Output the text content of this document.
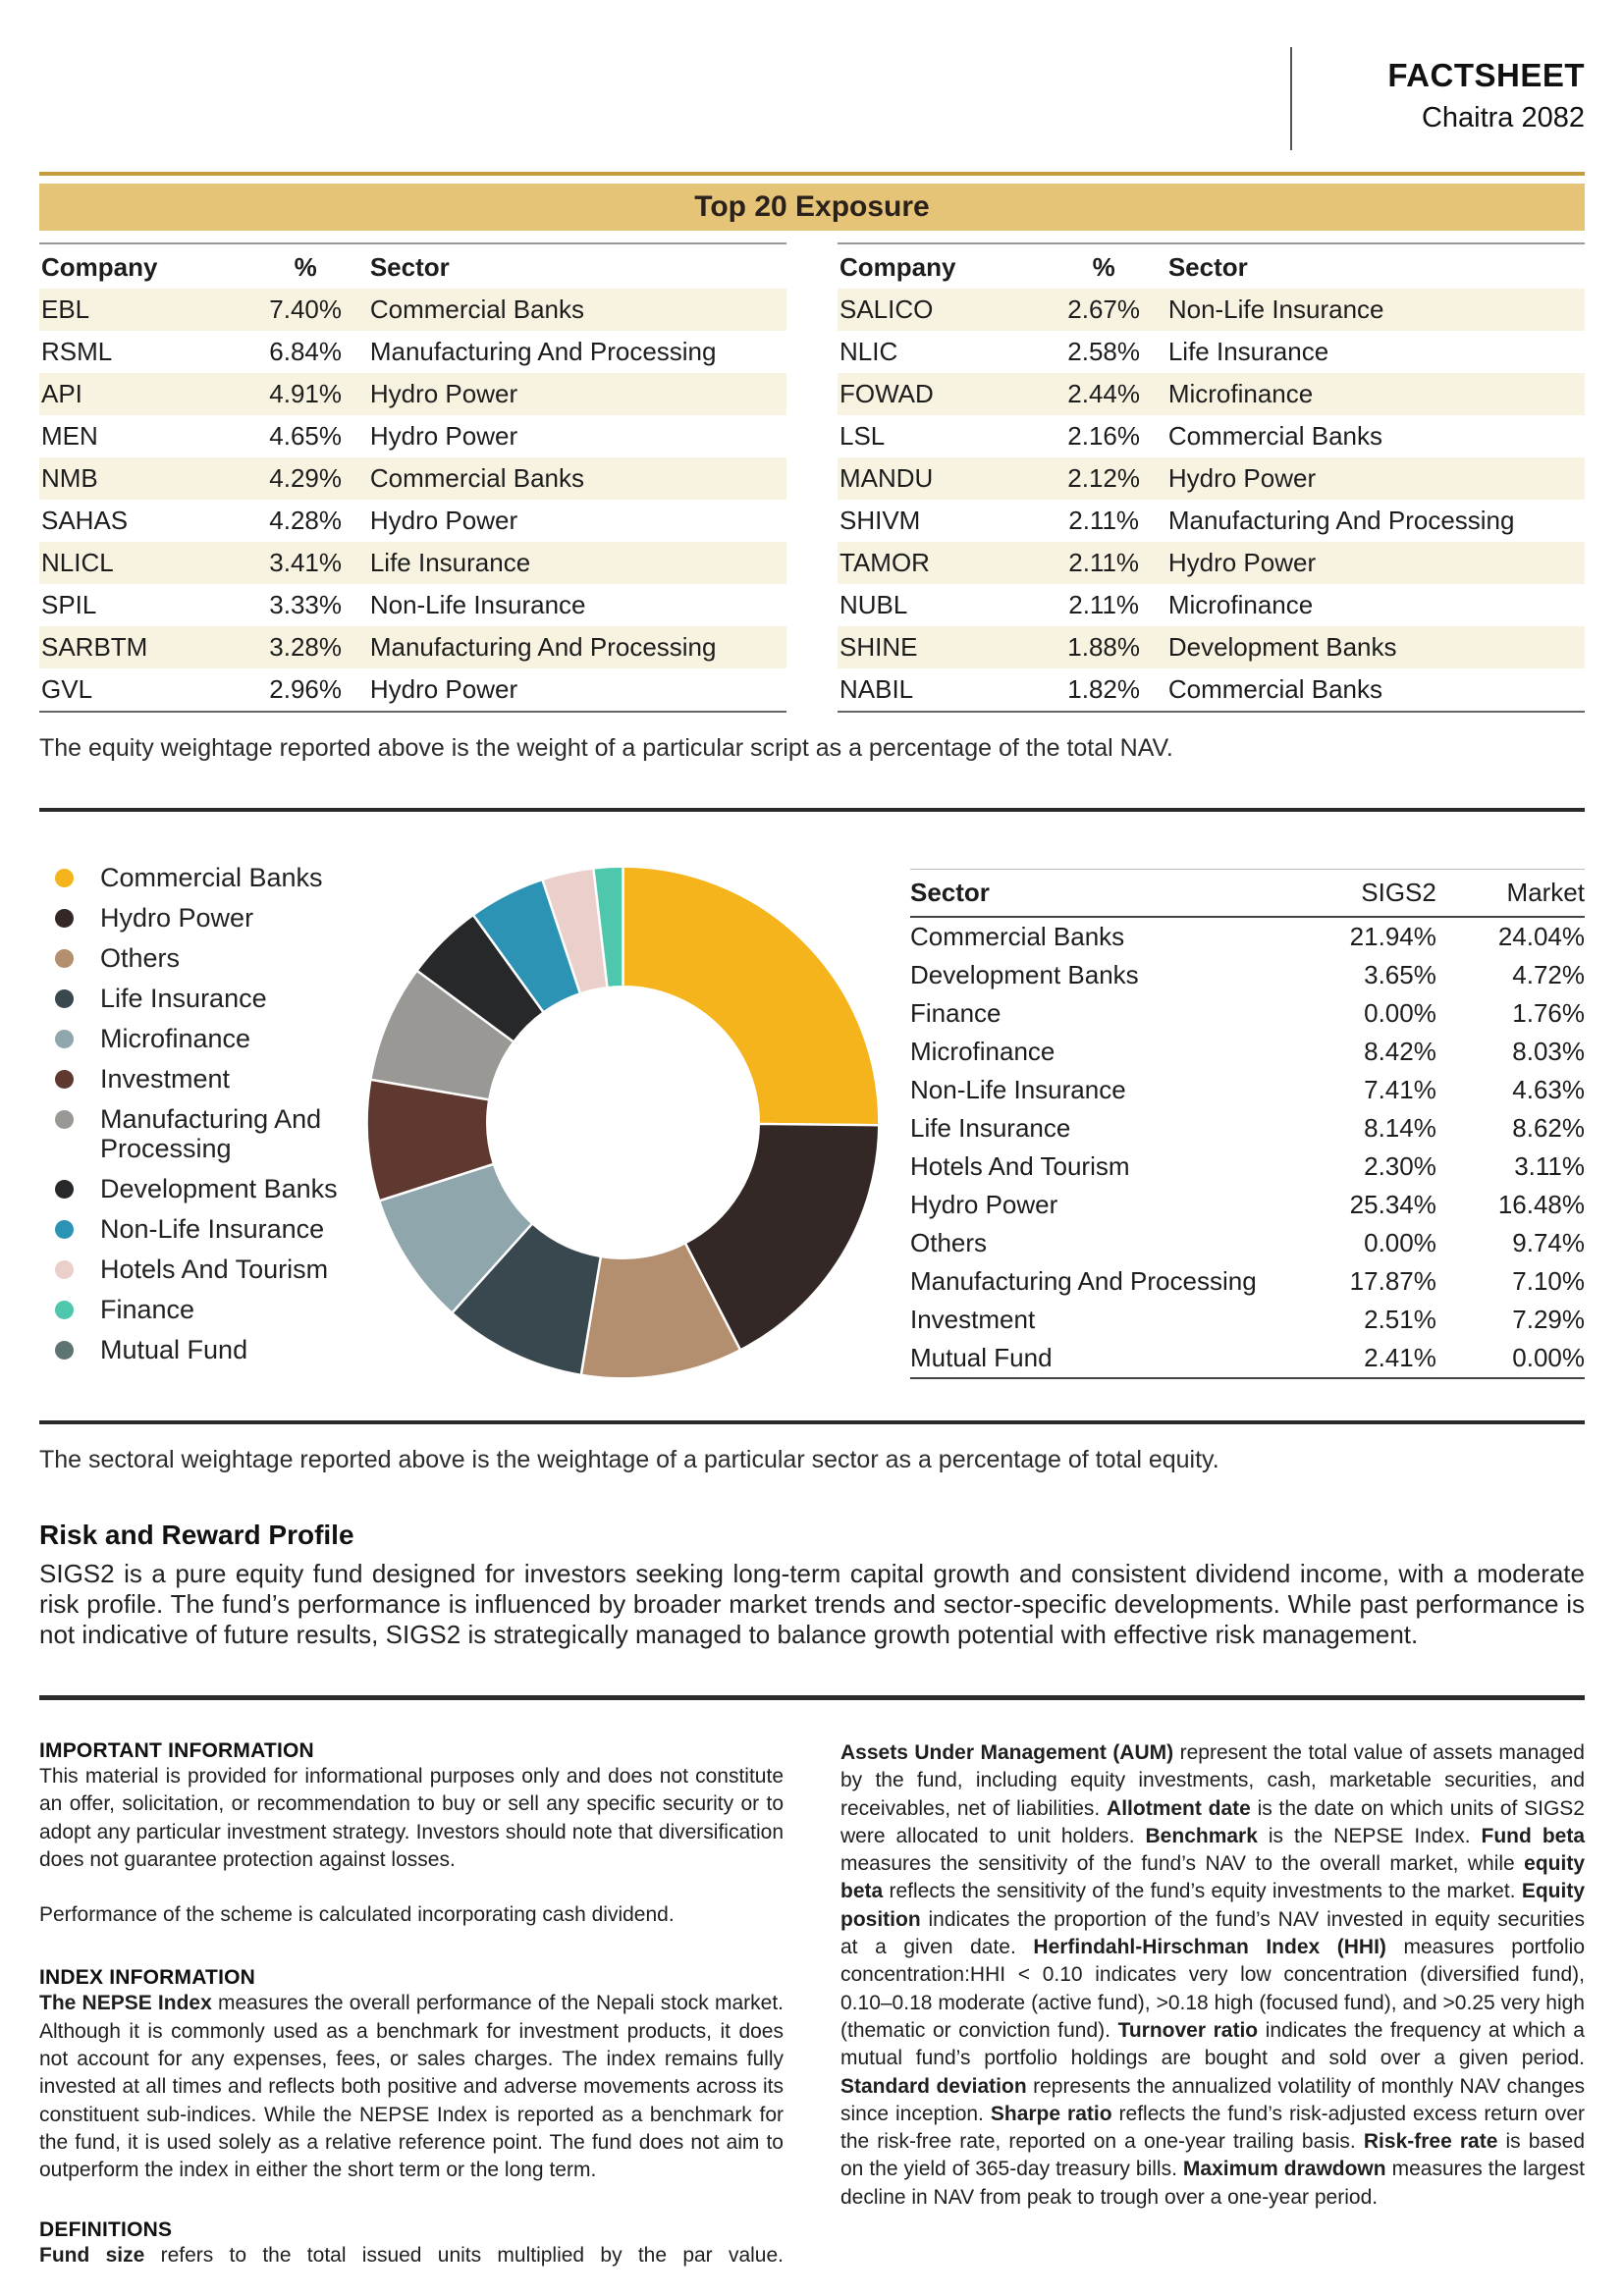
FACTSHEET
Chaitra 2082
Top 20 Exposure
Company	%	Sector
EBL	7.40%	Commercial Banks
RSML	6.84%	Manufacturing And Processing
API	4.91%	Hydro Power
MEN	4.65%	Hydro Power
NMB	4.29%	Commercial Banks
SAHAS	4.28%	Hydro Power
NLICL	3.41%	Life Insurance
SPIL	3.33%	Non-Life Insurance
SARBTM	3.28%	Manufacturing And Processing
GVL	2.96%	Hydro Power
Company	%	Sector
SALICO	2.67%	Non-Life Insurance
NLIC	2.58%	Life Insurance
FOWAD	2.44%	Microfinance
LSL	2.16%	Commercial Banks
MANDU	2.12%	Hydro Power
SHIVM	2.11%	Manufacturing And Processing
TAMOR	2.11%	Hydro Power
NUBL	2.11%	Microfinance
SHINE	1.88%	Development Banks
NABIL	1.82%	Commercial Banks

The equity weightage reported above is the weight of a particular script as a percentage of the total NAV.

Commercial Banks
Hydro Power
Others
Life Insurance
Microfinance
Investment
Manufacturing And Processing
Development Banks
Non-Life Insurance
Hotels And Tourism
Finance
Mutual Fund
Sector	SIGS2	Market
Commercial Banks	21.94%	24.04%
Development Banks	3.65%	4.72%
Finance	0.00%	1.76%
Microfinance	8.42%	8.03%
Non-Life Insurance	7.41%	4.63%
Life Insurance	8.14%	8.62%
Hotels And Tourism	2.30%	3.11%
Hydro Power	25.34%	16.48%
Others	0.00%	9.74%
Manufacturing And Processing	17.87%	7.10%
Investment	2.51%	7.29%
Mutual Fund	2.41%	0.00%

The sectoral weightage reported above is the weightage of a particular sector as a percentage of total equity.

Risk and Reward Profile

SIGS2 is a pure equity fund designed for investors seeking long-term capital growth and consistent dividend income, with a moderate risk profile. The fund’s performance is influenced by broader market trends and sector-specific developments. While past performance is not indicative of future results, SIGS2 is strategically managed to balance growth potential with effective risk management.

IMPORTANT INFORMATION

This material is provided for informational purposes only and does not constitute an offer, solicitation, or recommendation to buy or sell any specific security or to adopt any particular investment strategy. Investors should note that diversification does not guarantee protection against losses.

Performance of the scheme is calculated incorporating cash dividend.

INDEX INFORMATION

The NEPSE Index measures the overall performance of the Nepali stock market. Although it is commonly used as a benchmark for investment products, it does not account for any expenses, fees, or sales charges. The index remains fully invested at all times and reflects both positive and adverse movements across its constituent sub-indices. While the NEPSE Index is reported as a benchmark for the fund, it is used solely as a relative reference point. The fund does not aim to outperform the index in either the short term or the long term.

DEFINITIONS

Fund size refers to the total issued units multiplied by the par value.

Assets Under Management (AUM) represent the total value of assets managed by the fund, including equity investments, cash, marketable securities, and receivables, net of liabilities. Allotment date is the date on which units of SIGS2 were allocated to unit holders. Benchmark is the NEPSE Index. Fund beta measures the sensitivity of the fund’s NAV to the overall market, while equity beta reflects the sensitivity of the fund’s equity investments to the market. Equity position indicates the proportion of the fund’s NAV invested in equity securities at a given date. Herfindahl-Hirschman Index (HHI) measures portfolio concentration:HHI < 0.10 indicates very low concentration (diversified fund), 0.10–0.18 moderate (active fund), >0.18 high (focused fund), and >0.25 very high (thematic or conviction fund). Turnover ratio indicates the frequency at which a mutual fund’s portfolio holdings are bought and sold over a given period. Standard deviation represents the annualized volatility of monthly NAV changes since inception. Sharpe ratio reflects the fund’s risk-adjusted excess return over the risk-free rate, reported on a one-year trailing basis. Risk-free rate is based on the yield of 365-day treasury bills. Maximum drawdown measures the largest decline in NAV from peak to trough over a one-year period.
